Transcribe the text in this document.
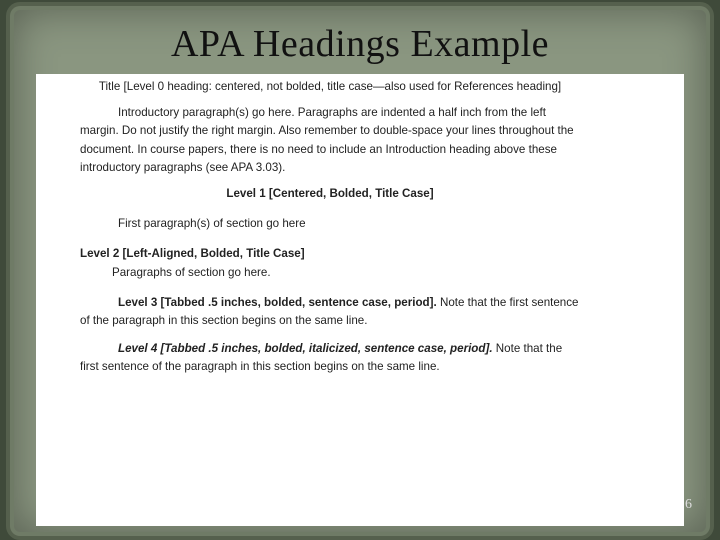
APA Headings Example

Title [Level 0 heading: centered, not bolded, title case—also used for References heading]

Introductory paragraph(s) go here. Paragraphs are indented a half inch from the left margin. Do not justify the right margin. Also remember to double-space your lines throughout the document. In course papers, there is no need to include an Introduction heading above these introductory paragraphs (see APA 3.03).

Level 1 [Centered, Bolded, Title Case]

First paragraph(s) of section go here

Level 2 [Left-Aligned, Bolded, Title Case]

Paragraphs of section go here.

Level 3 [Tabbed .5 inches, bolded, sentence case, period]. Note that the first sentence of the paragraph in this section begins on the same line.

Level 4 [Tabbed .5 inches, bolded, italicized, sentence case, period]. Note that the first sentence of the paragraph in this section begins on the same line.

6
